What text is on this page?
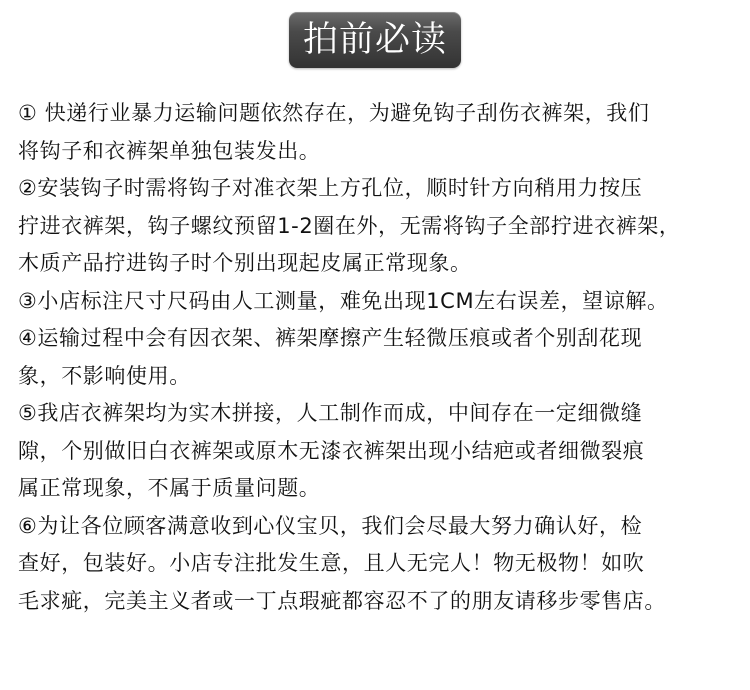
拍前必读
① 快递行业暴力运输问题依然存在，为避免钩子刮伤衣裤架，我们
将钩子和衣裤架单独包装发出。
②安装钩子时需将钩子对准衣架上方孔位，顺时针方向稍用力按压
拧进衣裤架，钩子螺纹预留1-2圈在外，无需将钩子全部拧进衣裤架，
木质产品拧进钩子时个别出现起皮属正常现象。
③小店标注尺寸尺码由人工测量，难免出现1CM左右误差，望谅解。
④运输过程中会有因衣架、裤架摩擦产生轻微压痕或者个别刮花现
象，不影响使用。
⑤我店衣裤架均为实木拼接，人工制作而成，中间存在一定细微缝
隙，个别做旧白衣裤架或原木无漆衣裤架出现小结疤或者细微裂痕
属正常现象，不属于质量问题。
⑥为让各位顾客满意收到心仪宝贝，我们会尽最大努力确认好，检
查好，包装好。小店专注批发生意，且人无完人！物无极物！如吹
毛求疵，完美主义者或一丁点瑕疵都容忍不了的朋友请移步零售店。
